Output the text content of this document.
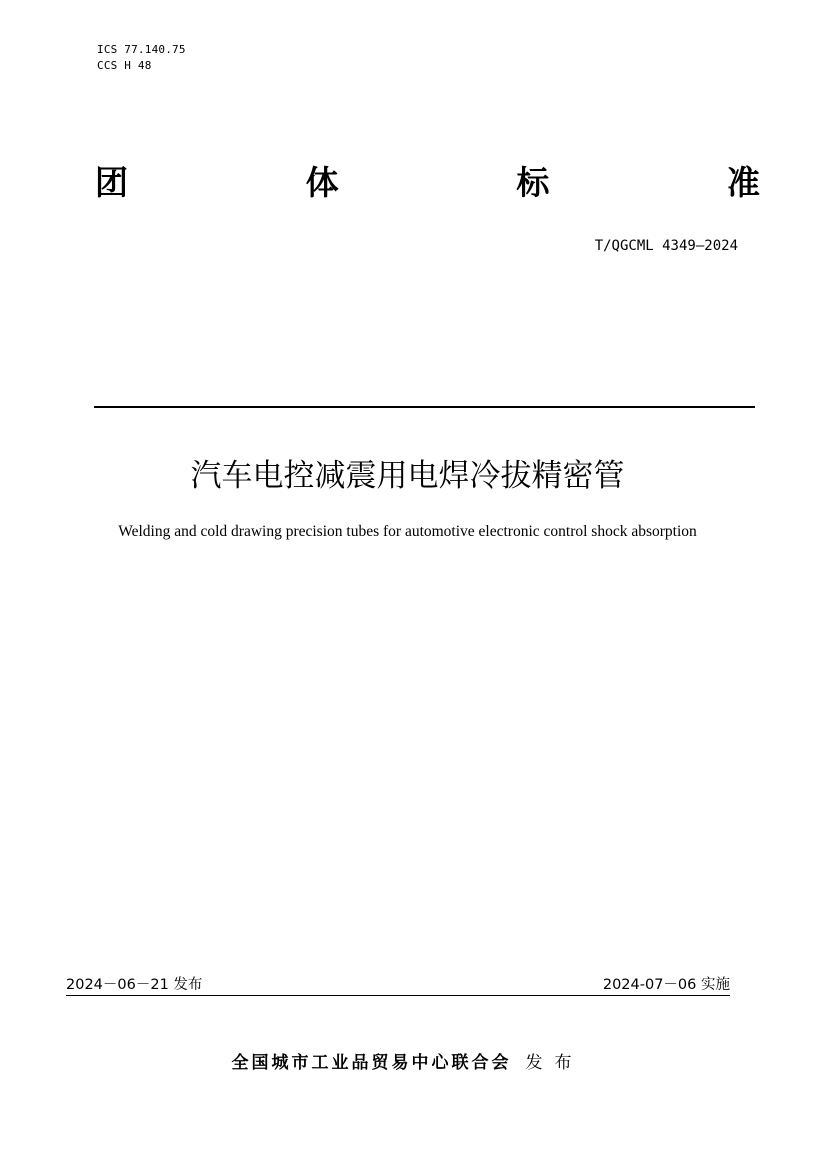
ICS 77.140.75
CCS H 48
团	体	标	准
T/QGCML 4349—2024
汽车电控减震用电焊冷拔精密管
Welding and cold drawing precision tubes for automotive electronic control shock absorption
2024－06－21 发布	2024-07－06 实施
全国城市工业品贸易中心联合会 发布
